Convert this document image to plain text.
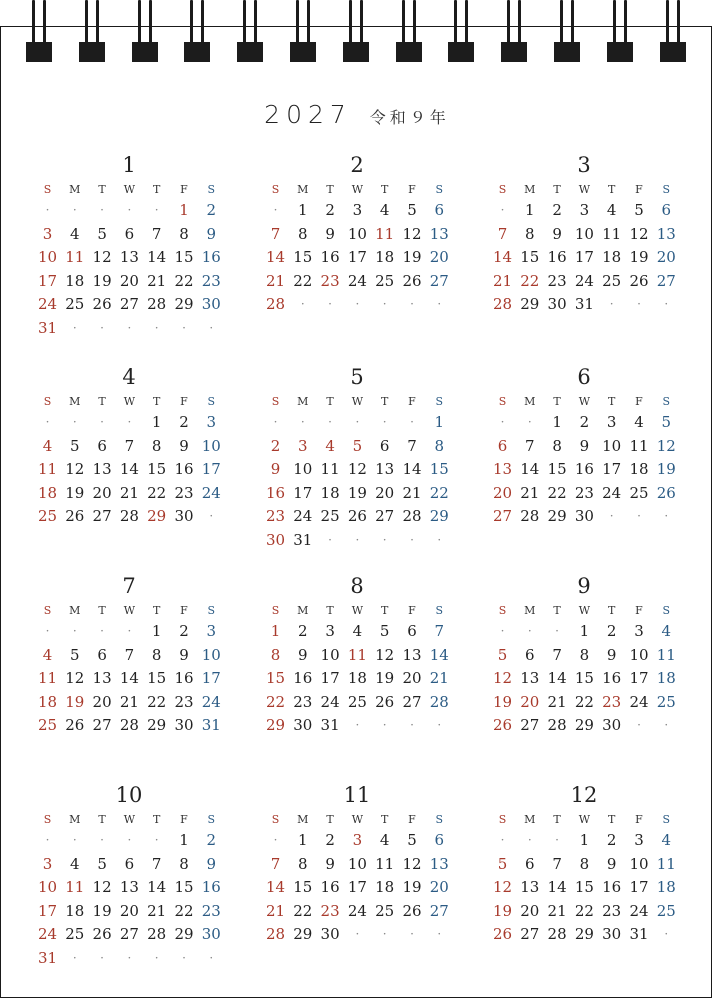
2027 令和９年
1
S	M	T	W	T	F	S
·	·	·	·	·	1	2
3	4	5	6	7	8	9
10 11 12 13 14 15 16
17 18 19 20 21 22 23
24 25 26 27 28 29 30
31	·	·	·	·	·	·
2
S	M	T	W	T	F	S
·	1	2	3	4	5	6
7	8	9 10 11 12 13
14 15 16 17 18 19 20
21 22 23 24 25 26 27
28	·	·	·	·	·	·
3
S	M	T	W	T	F	S
·	1	2	3	4	5	6
7	8	9 10 11 12 13
14 15 16 17 18 19 20
21 22 23 24 25 26 27
28 29 30 31	·	·	·
4
S	M	T	W	T	F	S
·	·	·	·	1	2	3
4	5	6	7	8	9 10
11 12 13 14 15 16 17
18 19 20 21 22 23 24
25 26 27 28 29 30	·
5
S	M	T	W	T	F	S
·	·	·	·	·	·	1
2	3	4	5	6	7	8
9 10 11 12 13 14 15
16 17 18 19 20 21 22
23 24 25 26 27 28 29
30 31	·	·	·	·	·
6
S	M	T	W	T	F	S
·	·	1	2	3	4	5
6	7	8	9 10 11 12
13 14 15 16 17 18 19
20 21 22 23 24 25 26
27 28 29 30	·	·	·
7
S	M	T	W	T	F	S
·	·	·	·	1	2	3
4	5	6	7	8	9 10
11 12 13 14 15 16 17
18 19 20 21 22 23 24
25 26 27 28 29 30 31
8
S	M	T	W	T	F	S
1	2	3	4	5	6	7
8	9 10 11 12 13 14
15 16 17 18 19 20 21
22 23 24 25 26 27 28
29 30 31	·	·	·	·
9
S	M	T	W	T	F	S
·	·	·	1	2	3	4
5	6	7	8	9 10 11
12 13 14 15 16 17 18
19 20 21 22 23 24 25
26 27 28 29 30	·	·
10
S	M	T	W	T	F	S
·	·	·	·	·	1	2
3	4	5	6	7	8	9
10 11 12 13 14 15 16
17 18 19 20 21 22 23
24 25 26 27 28 29 30
31	·	·	·	·	·	·
11
S	M	T	W	T	F	S
·	1	2	3	4	5	6
7	8	9 10 11 12 13
14 15 16 17 18 19 20
21 22 23 24 25 26 27
28 29 30	·	·	·	·
12
S	M	T	W	T	F	S
·	·	·	1	2	3	4
5	6	7	8	9 10 11
12 13 14 15 16 17 18
19 20 21 22 23 24 25
26 27 28 29 30 31	·
